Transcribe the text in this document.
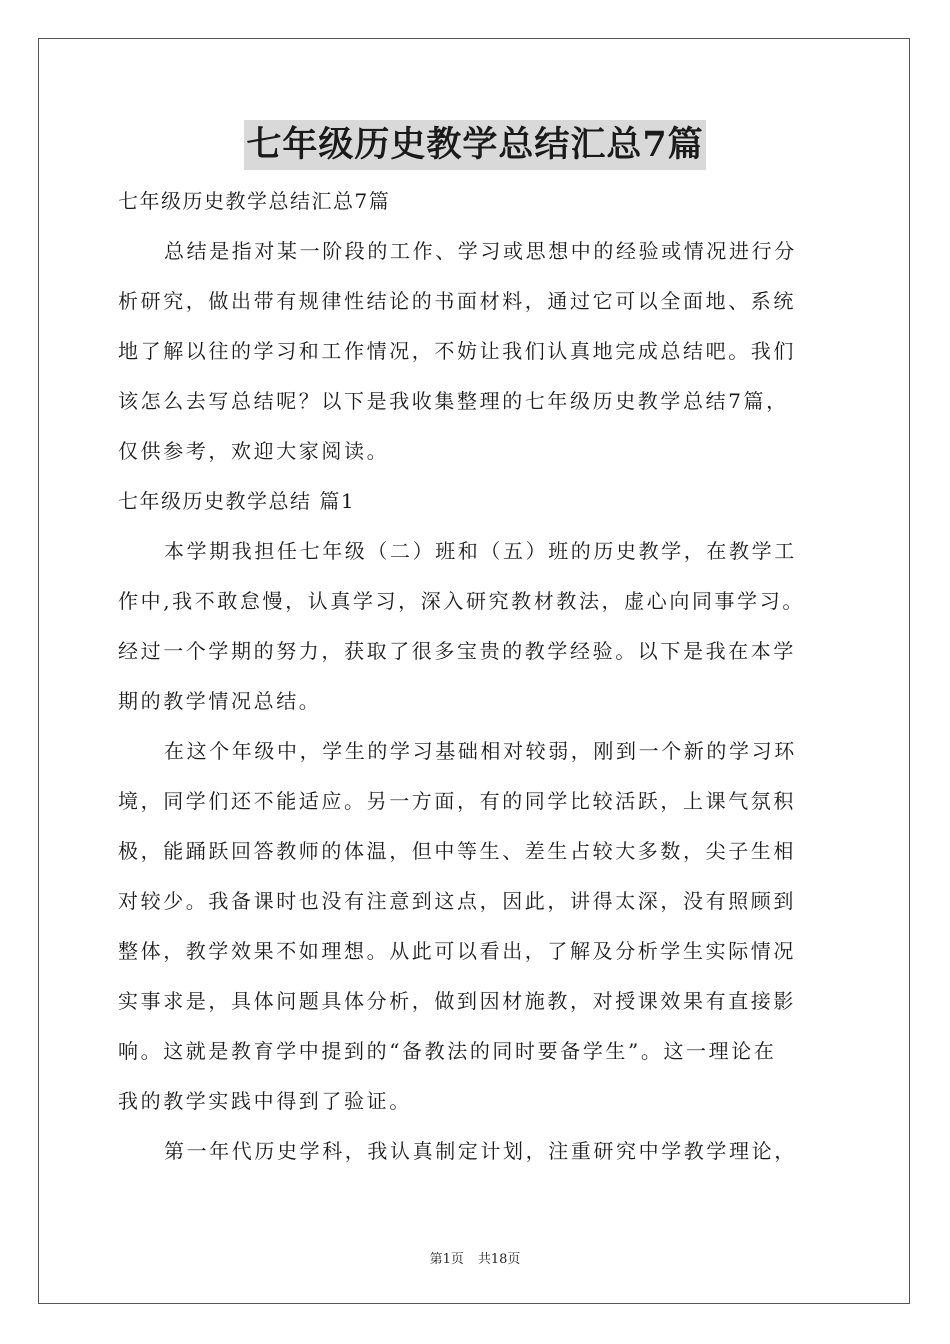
七年级历史教学总结汇总7篇
七年级历史教学总结汇总7篇
总结是指对某一阶段的工作、学习或思想中的经验或情况进行分
析研究，做出带有规律性结论的书面材料，通过它可以全面地、系统
地了解以往的学习和工作情况，不妨让我们认真地完成总结吧。我们
该怎么去写总结呢？以下是我收集整理的七年级历史教学总结7篇，
仅供参考，欢迎大家阅读。
七年级历史教学总结 篇1
本学期我担任七年级（二）班和（五）班的历史教学，在教学工
作中,我不敢怠慢，认真学习，深入研究教材教法，虚心向同事学习。
经过一个学期的努力，获取了很多宝贵的教学经验。以下是我在本学
期的教学情况总结。
在这个年级中，学生的学习基础相对较弱，刚到一个新的学习环
境，同学们还不能适应。另一方面，有的同学比较活跃，上课气氛积
极，能踊跃回答教师的体温，但中等生、差生占较大多数，尖子生相
对较少。我备课时也没有注意到这点，因此，讲得太深，没有照顾到
整体，教学效果不如理想。从此可以看出，了解及分析学生实际情况
实事求是，具体问题具体分析，做到因材施教，对授课效果有直接影
响。这就是教育学中提到的“备教法的同时要备学生”。这一理论在
我的教学实践中得到了验证。
第一年代历史学科，我认真制定计划，注重研究中学教学理论，
第1页 共18页
